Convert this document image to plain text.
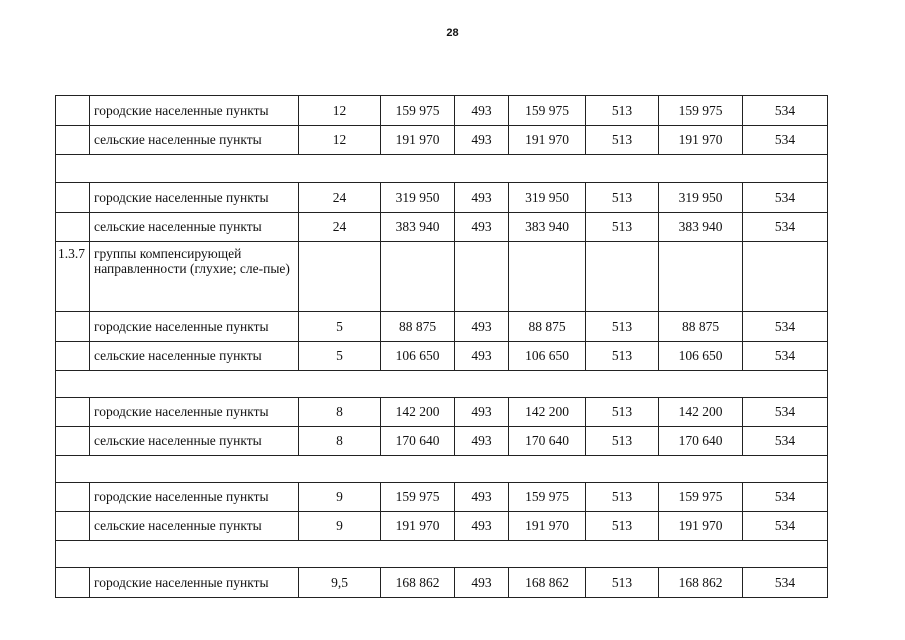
28
	городские населенные пункты	12	159 975	493	159 975	513	159 975	534
	сельские населенные пункты	12	191 970	493	191 970	513	191 970	534

	городские населенные пункты	24	319 950	493	319 950	513	319 950	534
	сельские населенные пункты	24	383 940	493	383 940	513	383 940	534
1.3.7	группы компенсирующей направленности (глухие; сле-пые)							
	городские населенные пункты	5	88 875	493	88 875	513	88 875	534
	сельские населенные пункты	5	106 650	493	106 650	513	106 650	534

	городские населенные пункты	8	142 200	493	142 200	513	142 200	534
	сельские населенные пункты	8	170 640	493	170 640	513	170 640	534

	городские населенные пункты	9	159 975	493	159 975	513	159 975	534
	сельские населенные пункты	9	191 970	493	191 970	513	191 970	534

	городские населенные пункты	9,5	168 862	493	168 862	513	168 862	534
